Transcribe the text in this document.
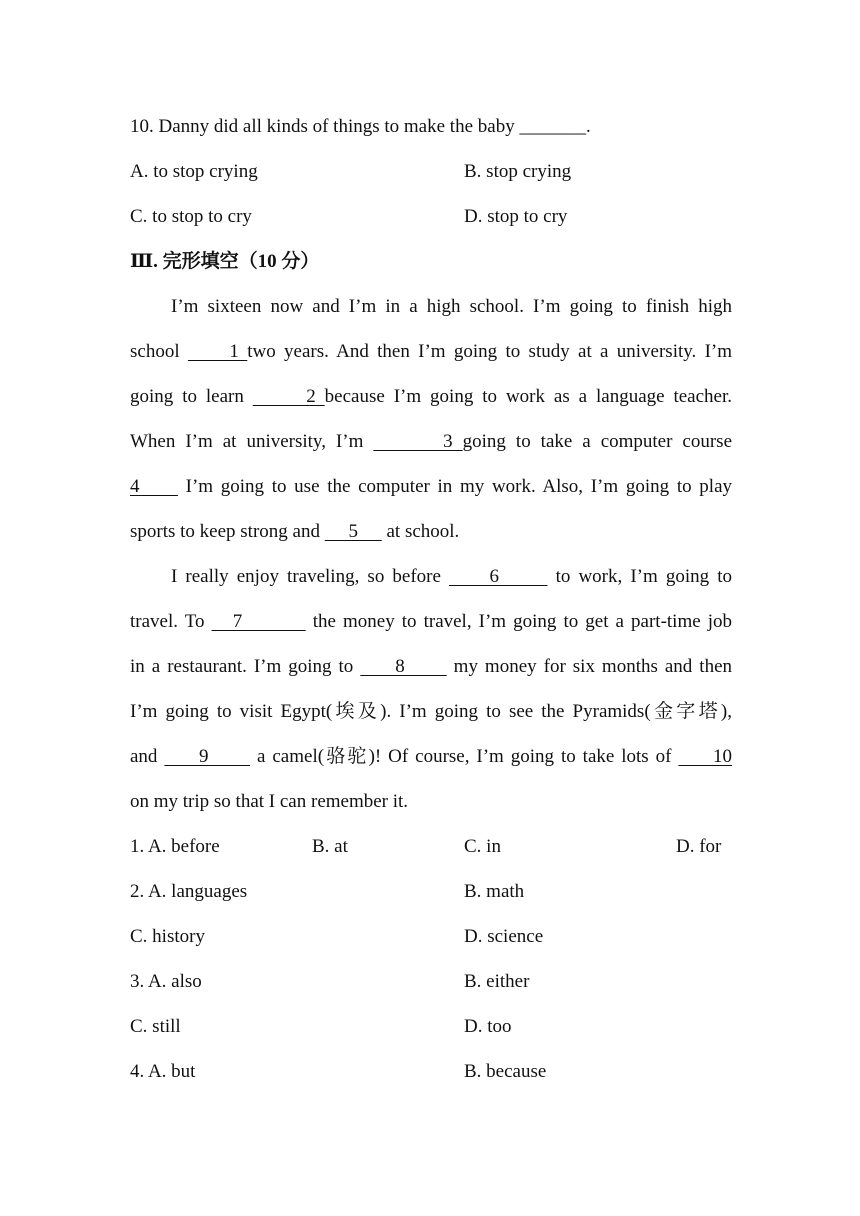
10. Danny did all kinds of things to make the baby _______.
A. to stop crying	B. stop crying
C. to stop to cry	D. stop to cry
Ⅲ. 完形填空（10 分）
I’m sixteen now and I’m in a high school. I’m going to finish high
school      1 two years. And then I’m going to study at a university. I’m
going to learn       2 because I’m going to work as a language teacher.
When I’m at university, I’m        3 going to take a computer course
4      I’m going to use the computer in my work. Also, I’m going to play
sports to keep strong and      5      at school.
I really enjoy traveling, so before      6       to work, I’m going to
travel. To    7          the money to travel, I’m going to get a part-time job
in a restaurant. I’m going to      8       my money for six months and then
I’m going to visit Egypt(埃及). I’m going to see the Pyramids(金字塔),
and      9       a camel(骆驼)! Of course, I’m going to take lots of      10
on my trip so that I can remember it.
1. A. before	B. at	C. in	D. for
2. A. languages	B. math
C. history	D. science
3. A. also	B. either
C. still	D. too
4. A. but	B. because
